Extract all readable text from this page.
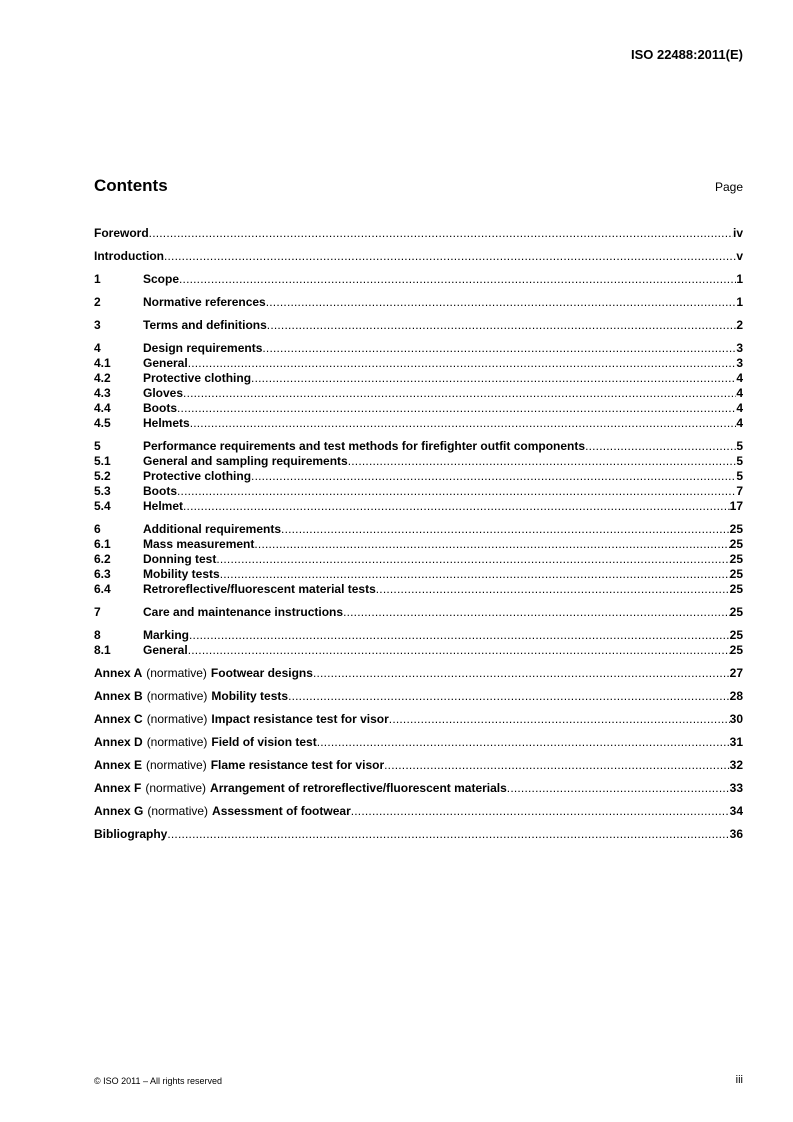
ISO 22488:2011(E)
Contents	Page
Foreword .....	iv
Introduction .....	v
1	Scope .....	1
2	Normative references .....	1
3	Terms and definitions .....	2
4	Design requirements .....	3
4.1	General .....	3
4.2	Protective clothing .....	4
4.3	Gloves .....	4
4.4	Boots .....	4
4.5	Helmets .....	4
5	Performance requirements and test methods for firefighter outfit components .....	5
5.1	General and sampling requirements .....	5
5.2	Protective clothing .....	5
5.3	Boots .....	7
5.4	Helmet .....	17
6	Additional requirements .....	25
6.1	Mass measurement .....	25
6.2	Donning test .....	25
6.3	Mobility tests .....	25
6.4	Retroreflective/fluorescent material tests .....	25
7	Care and maintenance instructions .....	25
8	Marking .....	25
8.1	General .....	25
Annex A (normative) Footwear designs .....	27
Annex B (normative) Mobility tests .....	28
Annex C (normative) Impact resistance test for visor .....	30
Annex D (normative) Field of vision test .....	31
Annex E (normative) Flame resistance test for visor .....	32
Annex F (normative) Arrangement of retroreflective/fluorescent materials .....	33
Annex G (normative) Assessment of footwear .....	34
Bibliography .....	36
© ISO 2011 – All rights reserved	iii
